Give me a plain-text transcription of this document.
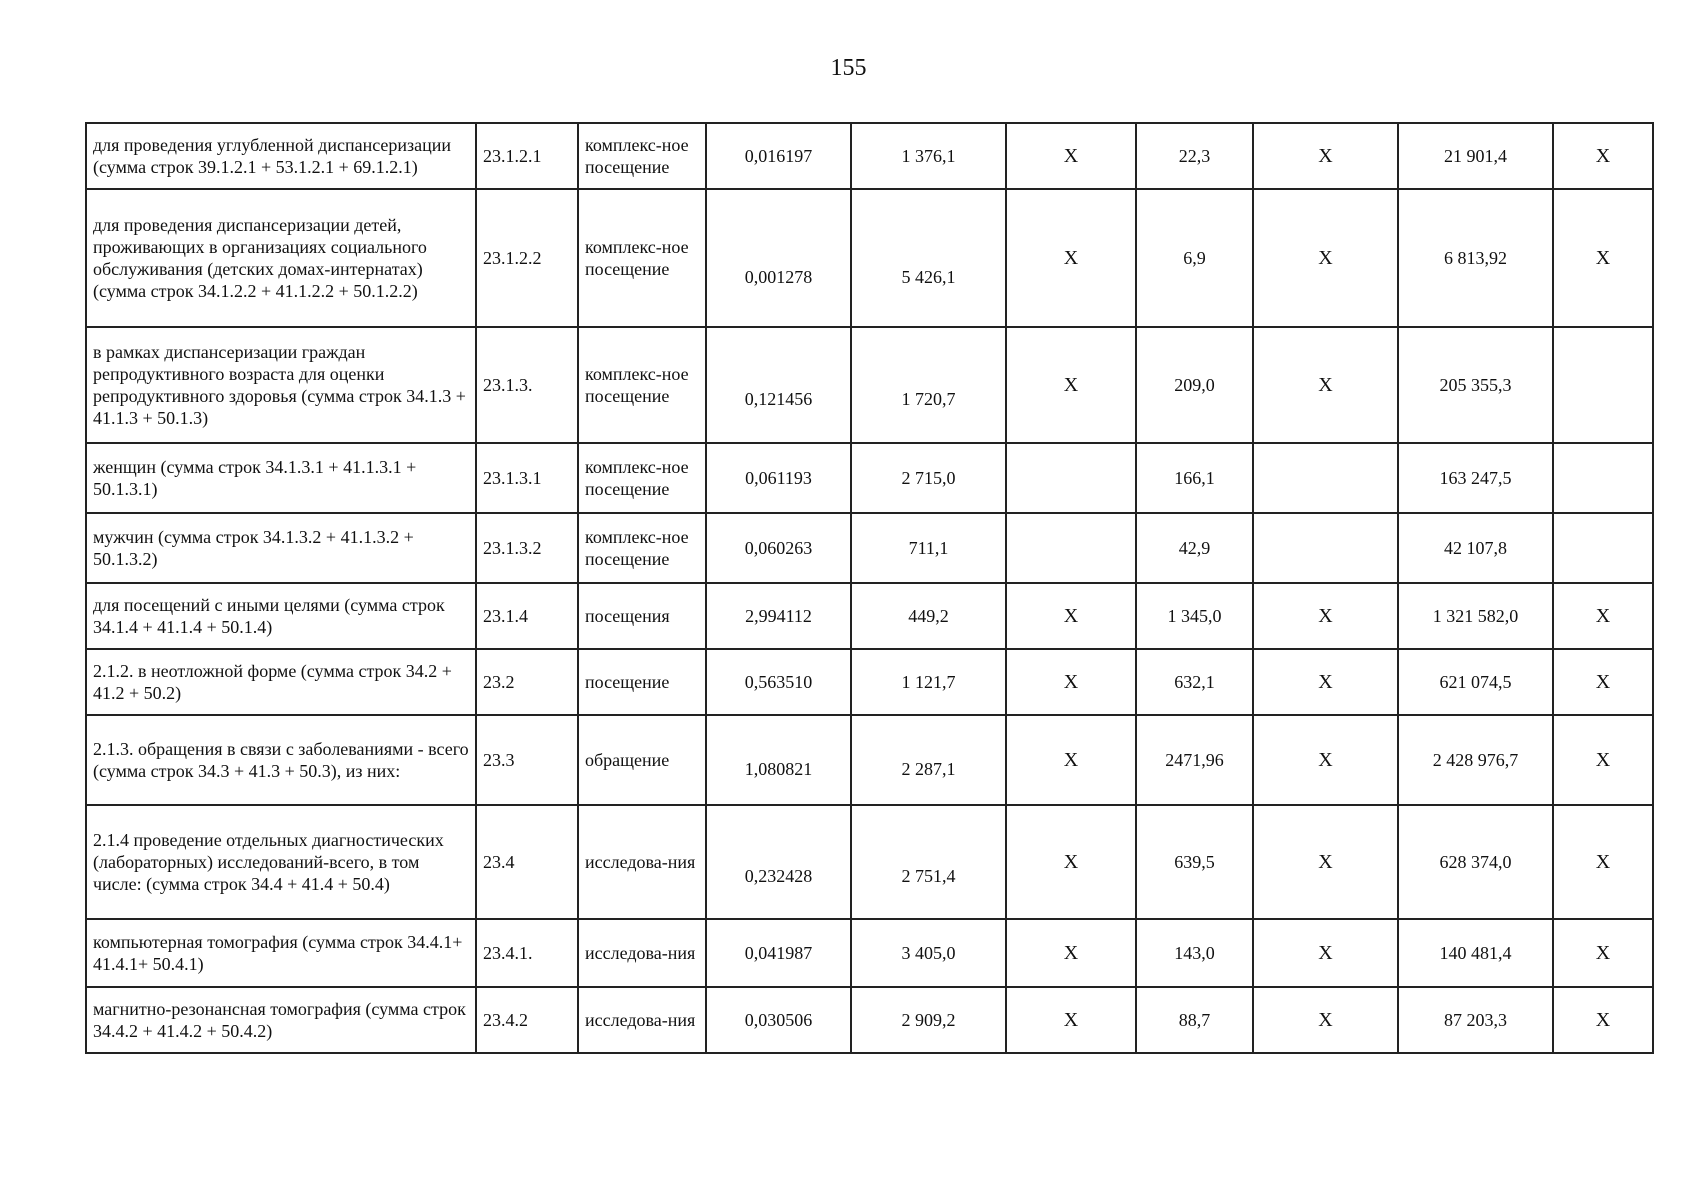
155
для проведения углубленной диспансеризации (сумма строк 39.1.2.1 + 53.1.2.1 + 69.1.2.1)	23.1.2.1	комплекс-ное посещение	0,016197	1 376,1	Х	22,3	Х	21 901,4	Х
для проведения диспансеризации детей, проживающих в организациях социального обслуживания (детских домах-интернатах) (сумма строк 34.1.2.2 + 41.1.2.2 + 50.1.2.2)	23.1.2.2	комплекс-ное посещение	0,001278	5 426,1	Х	6,9	Х	6 813,92	Х
в рамках диспансеризации граждан репродуктивного возраста для оценки репродуктивного здоровья (сумма строк 34.1.3 + 41.1.3 + 50.1.3)	23.1.3.	комплекс-ное посещение	0,121456	1 720,7	Х	209,0	Х	205 355,3	
женщин (сумма строк 34.1.3.1 + 41.1.3.1 + 50.1.3.1)	23.1.3.1	комплекс-ное посещение	0,061193	2 715,0		166,1		163 247,5	
мужчин (сумма строк 34.1.3.2 + 41.1.3.2 + 50.1.3.2)	23.1.3.2	комплекс-ное посещение	0,060263	711,1		42,9		42 107,8	
для посещений с иными целями (сумма строк 34.1.4 + 41.1.4 + 50.1.4)	23.1.4	посещения	2,994112	449,2	Х	1 345,0	Х	1 321 582,0	Х
2.1.2. в неотложной форме (сумма строк 34.2 + 41.2 + 50.2)	23.2	посещение	0,563510	1 121,7	Х	632,1	Х	621 074,5	Х
2.1.3. обращения в связи с заболеваниями - всего (сумма строк 34.3 + 41.3 + 50.3), из них:	23.3	обращение	1,080821	2 287,1	Х	2471,96	Х	2 428 976,7	Х
2.1.4 проведение отдельных диагностических (лабораторных) исследований-всего, в том числе: (сумма строк 34.4 + 41.4 + 50.4)	23.4	исследова-ния	0,232428	2 751,4	Х	639,5	Х	628 374,0	Х
компьютерная томография (сумма строк 34.4.1+ 41.4.1+ 50.4.1)	23.4.1.	исследова-ния	0,041987	3 405,0	Х	143,0	Х	140 481,4	Х
магнитно-резонансная томография (сумма строк 34.4.2 + 41.4.2 + 50.4.2)	23.4.2	исследова-ния	0,030506	2 909,2	Х	88,7	Х	87 203,3	Х
